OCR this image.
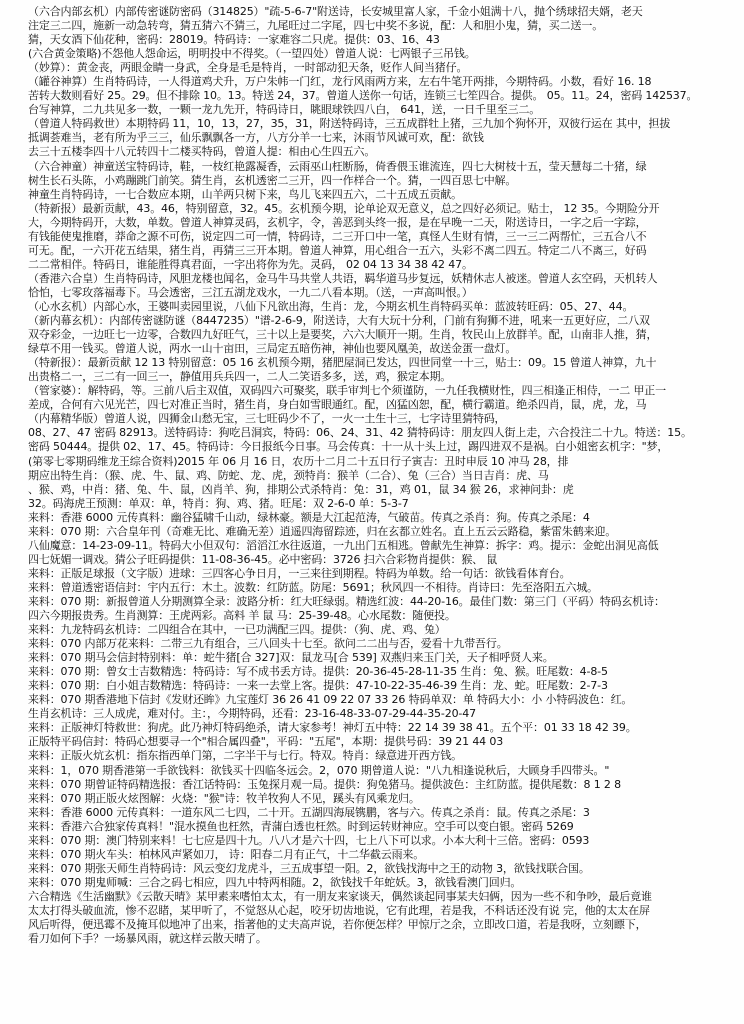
（六合内部玄机）内部传密谜防密码（314825）"疏-5-6-7"附送诗，长安城里富人家，千金小姐满十八，抛个绣球招夫婿，老天
注定三二四，施新一动急转弯，猜五猜六不猜三，九尾旺过二字尾，四七中奖不多说，配：人和胆小鬼，猜，买二送一。
猜，天女酒下仙花种，密码：28019。特码诗：一家难容二只虎。提供：03、16、43
(六合黄金策略)不怨他人怨命运，明明投中不得奖。（一望四处）曾道人说：七两银子三吊钱。
（妙算）：黄金丧，两眼金睛一身武，全身是毛是特肖，一时部动犯天条，贬作人间当猪仔。
（罐谷神算）生肖特码诗，一人得道鸡犬升，万户朱帏一门红，龙行风雨两方来，左右牛笔开两排，今期特码。小数，看好 16. 18
苦转大数则看好 25。29。但不排除 10。13。特送 24，37。曾道人送你一句话，连锁三七笙四合。提供。 05。11。24，密码 142537。
台写神算，二九共见多一数，一颗一龙九先开，特码诗日，眺眼球铁四八白， 641，送，一日千里至三二。
（曾道人特码救世）本期特码 11，10，13，27，35，31，附送特码诗，三五成群牡上猪，三九加个狗怀开，双彼行运在 其中，担拔
抵调荟难当，老有所为乎三三，仙乐飘飘各一方，八方分羊一七来，沐雨节风诚可欢，配：欲钱
去三十五楼李四十八元转四十二楼买特码，曾道人提：相由心生四五六。
（六合神童）神童送宝特码诗，鞋，一枝红艳露凝香，云雨巫山枉断肠，倚香偎玉谁流连，四七大树枝十五，莹天慧每二十猪，绿
树生长石头陈，小鸡蹦跳门前笑。猜生肖，玄机透密二三开，四一作样合一个。猜，一四百思七中解。
神童生肖特码诗，一七合数应本期，山羊两只树下来，鸟儿飞来四五六，二十五成五贡献。
（特新报）最新贡献，43。46，特别留意，32。45。玄机预今期，论单论双无意义，总之四好必须记。贴士， 12 35。今期险分开
大，今期特码开，大数，单数。曾道人神算灵码，玄机字，令，善恶到头终一报，是在早晚一二天，附送诗日，一字之后一字踪，
有钱能使鬼推磨，莽命之源不可伤，说定四二可一情，特码诗，二三开口中一笔，真怪人生财有情，三一三二两帮忙，三五合八不
可无。配，一六开花五结果，猪生肖，再猜三三开本期。曾道人神算，用心组合一五六，头彩不离二四五。特定二八不离三，好码
二二常相伴。特码日，谁能胜得真君面，一字出将你为先。灵码， 02 04 13 34 38 42 47。
（香港六合皇）生肖特码诗，风胆龙楼也闻名，金马牛马共堂人共语，羁华道马步复远，妖精休志人被迷。曾道人玄空码，天机转人
恰怕，七零玫落福毒下。马会透密，三江五湖龙戏水，一九二八看本期。（送，一声高叫恨。）
（心水玄机）内部心水，王婆叫卖园里说，八仙下凡欲出海，生肖：龙，今期玄机生肖特码买单：蓝波转旺码：05、27、44。
（新内幕玄机）：内部传密谜防谜（8447235）"谱-2-6-9，附送诗，大有大玩十分利，门前有狗狮不进，吼来一五更好应，二八双
双夺彩金，一边旺七一边零，合数四九好旺气，三十以上是要奖，六六大顺开一期。生肖，牧民山上放群羊。配，山南非人推，猜，
绿草不用一钱买。曾道人说，两水一山十亩田，三局定五暗伤神，神仙也要风凰美，故送金蛋一盘灯。
（特新报）：最新贡献 12 13 特别留意：05 16 玄机预今期，猪肥屋洞已发达，四世同堂一十三，贴士：09。15 曾道人神算，九十
出贵格二一，三二有一回三一，静值用兵兵四一，二人二笑语多多，送，鸡，猴定本期。
（管家婆）：解特码，等。三前八后主双值，双码四六可聚奖，联手审判七个须谨防，一九任我横财性，四三相逢正相侍，一二 甲正一
差成，合何有六见光芒，四七对准正当时，猪生肖，身白如雪眼通红。配，凶猛凶恕，配，横行霸道。绝杀四肖，鼠，虎，龙，马
（内幕精华版）曾道人说，四狮金山愁无宝，三七旺码少不了，一火一土生十三，七字诗里猜特码，
08、27、47 密码 82913。送特码诗：狗吃吕洞宾，特码：06、24、31、42 猜特码诗：朋友四人街上走，六合投注二十九。特送：15。
密码 50444。提供 02、17、45。特码诗：今日报纸今日事。马会传真：十一从十头上过，踢四进双不是祸。白小姐密玄机字："梦，
(第零七零期码维龙王综合资料)2015 年 06 月 16 日，农历十二月二十五日行子寅吉：丑时申辰 10 冲马 28，排
期应出特生肖：（猴、虎、牛、鼠、鸡、防蛇、龙、虎，颈特肖：猴羊（二合）、兔（三合）当日吉肖：虎、马
、猴、鸡，中肖：猪、兔、牛、鼠，凶肖羊、狗，排期公式杀特肖：兔：31，鸡 01，鼠 34 猴 26，求神问卦：虎
32。码海虎王预测：单双：单，特肖：狗、鸡、猪。旺尾：双 2-6-0 单：5-3-7
来料：香港 6000 元传真料：幽谷猛啸千山动，绿林豪。额是大江起范涛，气破苗。传真之杀肖：狗。传真之杀尾：4
来料：070 期：六合皇年刊（奇难无比、难确无差）逍遥四海留踪迹，归在玄都立姓名。直上五云云路稳，紫雷朱鹤来迎。
八仙魔意：14-23-09-11。特码大小但双句：滔滔江水往返道，一九出门五相逃。曾献先生神算：拆字：鸡。提示：金蛇出洞见高低
四七妩媚一调戏。猜公子旺码提供：11-08-36-45。必中密码：3726 扫六合彩物肖提供：猴、 鼠
来料：正版足球报（文字版）进球：三四客心争日月，一三来往到期程。特码为单数。给一句话：欲钱看体育台。
来料：曾道透密语信封：宇内五行：木土。波数：红防蓝。防尾：5691；秋风四一不相待。肖诗曰：先至洛阳五六城。
来料：070 期：新报曾道人分期测算全录：波路分析：红大旺绿弱。精选红波：44-20-16。最佳门数：第三门（平码）特码玄机诗：
四六今期报贵秀。生肖测算：王虎两彩。高料 羊 鼠 马：25-39-48。心水尾数：随便投。
来料：九龙特码玄机诗：二四组合在其中，一已功满配三四。提供：（狗、虎、鸡、兔）
来料：070 内部万花来料：二带三九有组合，三八回头十七至。欲问二二出与否，爱看十九带吾行。
来料：070 期马会信封特别料：单：蛇牛猪[合 327]双：鼠龙马[合 539] 双燕归来玉门关，天子相呼贤人来。
来料：070 期：曾女士吉数精选：特码诗：写不成书丢方诗。提供：20-36-45-28-11-35 生肖：兔、猴。旺尾数：4-8-5
来料：070 期：白小姐吉数精选：特码诗：一来一去堂上客。提供：47-10-22-35-46-39 生肖：龙、蛇。旺尾数：2-7-3
来料：070 期香港地下信封《发财还眸》九宝莲灯 36 26 41 09 22 07 33 26 特码单双：单 特码大小：小 小特码波色：红。
生肖玄机诗：三人成虎，难对付。主：，今期特码，还看：23-16-48-33-07-29-44-35-20-47
来料：正版神灯特救世：狗虎。此乃神灯特码绝杀，请大家参考！神灯五中特：22 14 39 38 41。五个平：01 33 18 42 39。
正版特平码信封：特码心想要寻一个"相合属四叠"，平码："五尾"，本期：提供号码：39 21 44 03
来料：正版火炕玄机：指东指西单门第，二字半干与七行。特双。特肖：绿意进开西方钱。
来料：1，070 期香港第一手欲钱料：欲钱买十四临冬远会。2，070 期曾道人说："八九相逢说秋后，大顾身手四带头。"
来料：070 期曾证特码精选报：香江话特码：玉兔探月观一局。提供：狗兔猪马。提供波色：主红防蓝。提供尾数：8 1 2 8
来料：070 期正版火炫图解：火烧："猴"诗：牧羊牧狗人不见，蹊头有风乘龙归。
来料：香港 6000 元传真料：一道东风二七四，二十开。五湖四海展镌鹏，客与六。传真之杀肖：鼠。传真之杀尾：3
来料：香港六合独家传真料！"混水摸鱼也枉然，青蒲白透也枉然。时到运转财神应。空手可以变白银。密码 5269
来料：070 期：澳门特别来料！七七应是四十九。八八才是六十四，七上八下可以求。小本大利十三倍。密码：0593
来料：070 期火车头：柏林风声紧如刀， 诗：阳春二月有正气，十二华截云雨来。
来料：070 期张天师生肖特码诗：风云变幻龙虎斗，三五成事望一阳。2，欲钱找海中之王的动物 3，欲钱找联合国。
来料：070 期鬼师喊：三合之码七相应，四九中特两相随。2，欲钱找千年蛇妖。3，欲钱看澳门回归。
六合精选《生活幽默》《云散天晴》某甲素来嗜怕太太，有一朋友来家谈天，偶然谈起同事某夫妇俩，因为一些不和争吵，最后竟谁
太太打得头破血流，惨不忍睹，某甲听了，不觉怒从心起，咬牙切齿地说，它有此理，若是我，不科话还没有说 完，他的太太在屏
风后听得，便迅霉不及掩耳似地冲了出来，指著他的丈夫高声说，若你便怎样？甲惊厅之余，立即改口道，若是我呀，立刻瞟下，
看刀如何下手？一场暴风雨，就这样云散天晴了。
